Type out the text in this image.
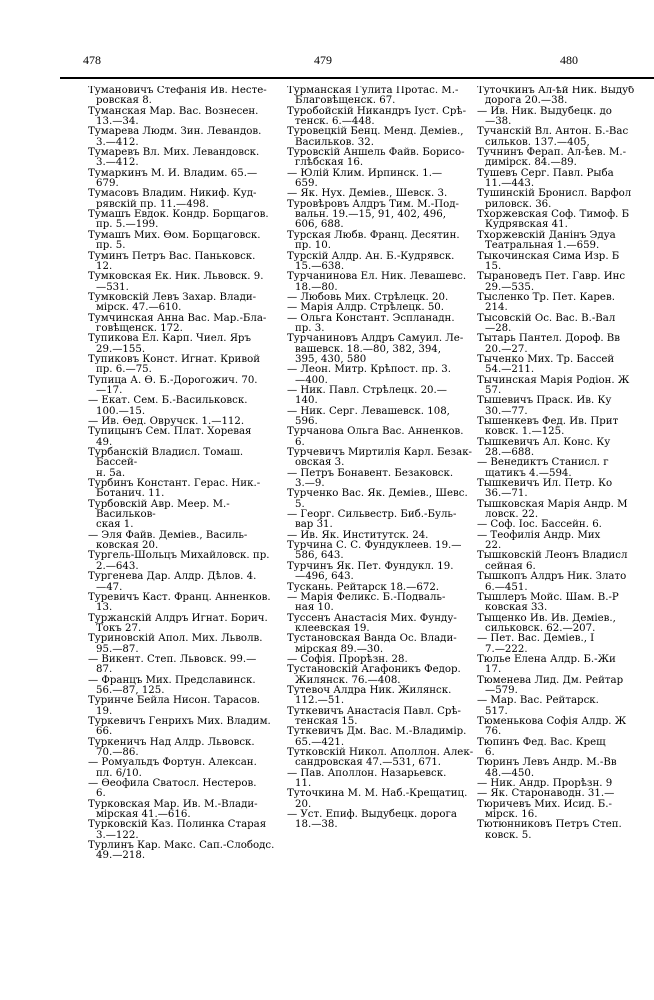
478	479	480
Тумановичъ Стефанія Ив. Несте-
ровская 8.
Туманская Мар. Вас. Вознесен.
13.—34.
Тумарева Людм. Зин. Левандов.
3.—412.
Тумаревъ Вл. Мих. Левандовск.
3.—412.
Тумаркинъ М. И. Владим. 65.—
679.
Тумасовъ Владим. Никиф. Куд-
рявскій пр. 11.—498.
Тумашъ Евдок. Кондр. Борщагов.
пр. 5.—199.
Тумашъ Мих. Ѳом. Борщаговск.
пр. 5.
Туминъ Петръ Вас. Паньковск.
12.
Тумковская Ек. Ник. Львовск. 9.
—531.
Тумковскій Левъ Захар. Влади-
мірск. 47.—610.
Тумчинская Анна Вас. Мар.-Бла-
говѣщенск. 172.
Тупикова Ел. Карп. Чиел. Яръ
29.—155.
Тупиковъ Конст. Игнат. Кривой
пр. 6.—75.
Тупица А. Ѳ. Б.-Дорогожич. 70.
—17.
— Екат. Сем. Б.-Васильковск.
100.—15.
— Ив. Ѳед. Овручск. 1.—112.
Тупицынъ Сем. Плат. Хоревая
49.
Турбанскій Владисл. Томаш. Бассей-
н. 5а.
Турбинъ Констант. Герас. Ник.-
Ботанич. 11.
Турбовскій Авр. Меер. М.-Васильков-
ская 1.
— Эля Файв. Деміев., Василь-
ковская 20.
Тургель-Шольцъ Михайловск. пр.
2.—643.
Тургенева Дар. Алдр. Дѣлов. 4.
—47.
Туревичъ Каст. Франц. Анненков.
13.
Туржанскій Алдръ Игнат. Борич.
Токъ 27.
Туриновскій Апол. Мих. Льволв.
95.—87.
— Викент. Степ. Львовск. 99.—
87.
— Францъ Мих. Предславинск.
56.—87, 125.
Туринче Бейла Нисон. Тарасов.
19.
Туркевичъ Генрихъ Мих. Владим.
66.
Туркеничъ Над Алдр. Львовск.
70.—86.
— Ромуальдъ Фортун. Алексан.
пл. 6/10.
— Ѳеофила Сватосл. Нестеров.
6.
Турковская Мар. Ив. М.-Влади-
мірская 41.—616.
Турковскій Каз. Полинка Старая
3.—122.
Турлинъ Кар. Макс. Сап.-Слободс.
49.—218.
Турманская Гулита Протас. М.-
Благовѣщенск. 67.
Туробойскій Никандръ Іуст. Срѣ-
тенск. 6.—448.
Туровецкій Бенц. Менд. Деміев.,
Васильков. 32.
Туровскій Аншель Файв. Борисо-
глѣбская 16.
— Юлій Клим. Ирпинск. 1.—
659.
— Як. Нух. Деміев., Шевск. 3.
Туровѣровъ Алдръ Тим. М.-Под-
вальн. 19.—15, 91, 402, 496,
606, 688.
Турская Любв. Франц. Десятин.
пр. 10.
Турскій Алдр. Ан. Б.-Кудрявск.
15.—638.
Турчанинова Ел. Ник. Левашевс.
18.—80.
— Любовь Мих. Стрѣлецк. 20.
— Марія Алдр. Стрѣлецк. 50.
— Ольга Констант. Эспланадн.
пр. 3.
Турчаниновъ Алдръ Самуил. Ле-
вашевск. 18.—80, 382, 394,
395, 430, 580
— Леон. Митр. Крѣпост. пр. 3.
—400.
— Ник. Павл. Стрѣлецк. 20.—
140.
— Ник. Серг. Левашевск. 108,
596.
Турчанова Ольга Вас. Анненков.
6.
Турчевичъ Миртилія Карл. Безак-
овская 3.
— Петръ Бонавент. Безаковск.
3.—9.
Турченко Вас. Як. Деміев., Шевс.
5.
— Георг. Сильвестр. Биб.-Буль-
вар 31.
— Ив. Як. Институтск. 24.
Турчина С. С. Фундуклеев. 19.—
586, 643.
Турчинъ Як. Пет. Фундукл. 19.
—496, 643.
Тускань. Рейтарск 18.—672.
— Марія Феликс. Б.-Подваль-
ная 10.
Туссенъ Анастасія Мих. Фунду-
клеевская 19.
Тустановская Ванда Ос. Влади-
мірская 89.—30.
— Софія. Прорѣзн. 28.
Тустановскій Агафоникъ Федор.
Жилянск. 76.—408.
Тутевоч Алдра Ник. Жилянск.
112.—51.
Туткевичъ Анастасія Павл. Срѣ-
тенская 15.
Туткевичъ Дм. Вас. М.-Владимір.
65.—421.
Тутковскій Никол. Аполлон. Алек-
сандровская 47.—531, 671.
— Пав. Аполлон. Назарьевск.
11.
Туточкина М. М. Наб.-Крещатиц.
20.
— Уст. Епиф. Выдубецк. дорога
18.—38.
Туточкинъ Ал-ѣй Ник. Выдуб
дорога 20.—38.
— Ив. Ник. Выдубецк. до
—38.
Тучанскій Вл. Антон. Б.-Вас
сильков. 137.—405,
Тучнинъ Ферап. Ал-ѣев. М.-
димірск. 84.—89.
Тушевъ Серг. Павл. Рыба
11.—443.
Тушинскій Бронисл. Варфол
риловск. 36.
Тхоржевская Соф. Тимоф. Б
Кудрявская 41.
Тхоржевскій Данінъ Эдуа
Театральная 1.—659.
Тыкочинская Сима Изр. Б
15.
Тырановедъ Пет. Гавр. Инс
29.—535.
Тысленко Тр. Пет. Карев.
214.
Тысовскій Ос. Вас. В.-Вал
—28.
Тытарь Пантел. Дороф. Вв
20.—27.
Тыченко Мих. Тр. Бассей
54.—211.
Тычинская Марія Родіон. Ж
57.
Тышевичъ Праск. Ив. Ку
30.—77.
Тышенкевъ Фед. Ив. Прит
ковск. 1.—125.
Тышкевичъ Ал. Конс. Ку
28.—688.
— Венедиктъ Станисл. г
щатикъ 4.—594.
Тышкевичъ Ил. Петр. Ко
36.—71.
Тышковская Марія Андр. М
ловск. 22.
— Соф. Іос. Бассейн. 6.
— Теофилія Андр. Мих
22.
Тышковскій Леонъ Владисл
сейная 6.
Тышкопъ Алдръ Ник. Злато
6.—451.
Тышлеръ Мойс. Шам. В.-Р
ковская 33.
Тыщенко Ив. Ив. Деміев.,
сильковск. 62.—207.
— Пет. Вас. Деміев., І
7.—222.
Тюлье Елена Алдр. Б.-Жи
17.
Тюменева Лид. Дм. Рейтар
—579.
— Мар. Вас. Рейтарск.
517.
Тюменькова Софія Алдр. Ж
76.
Тюпинъ Фед. Вас. Крещ
6.
Тюринъ Левъ Андр. М.-Вв
48.—450.
— Ник. Андр. Прорѣзн. 9
— Як. Старонаводн. 31.—
Тюричевъ Мих. Исид. Б.-
мірск. 16.
Тютюнниковъ Петръ Степ.
ковск. 5.
